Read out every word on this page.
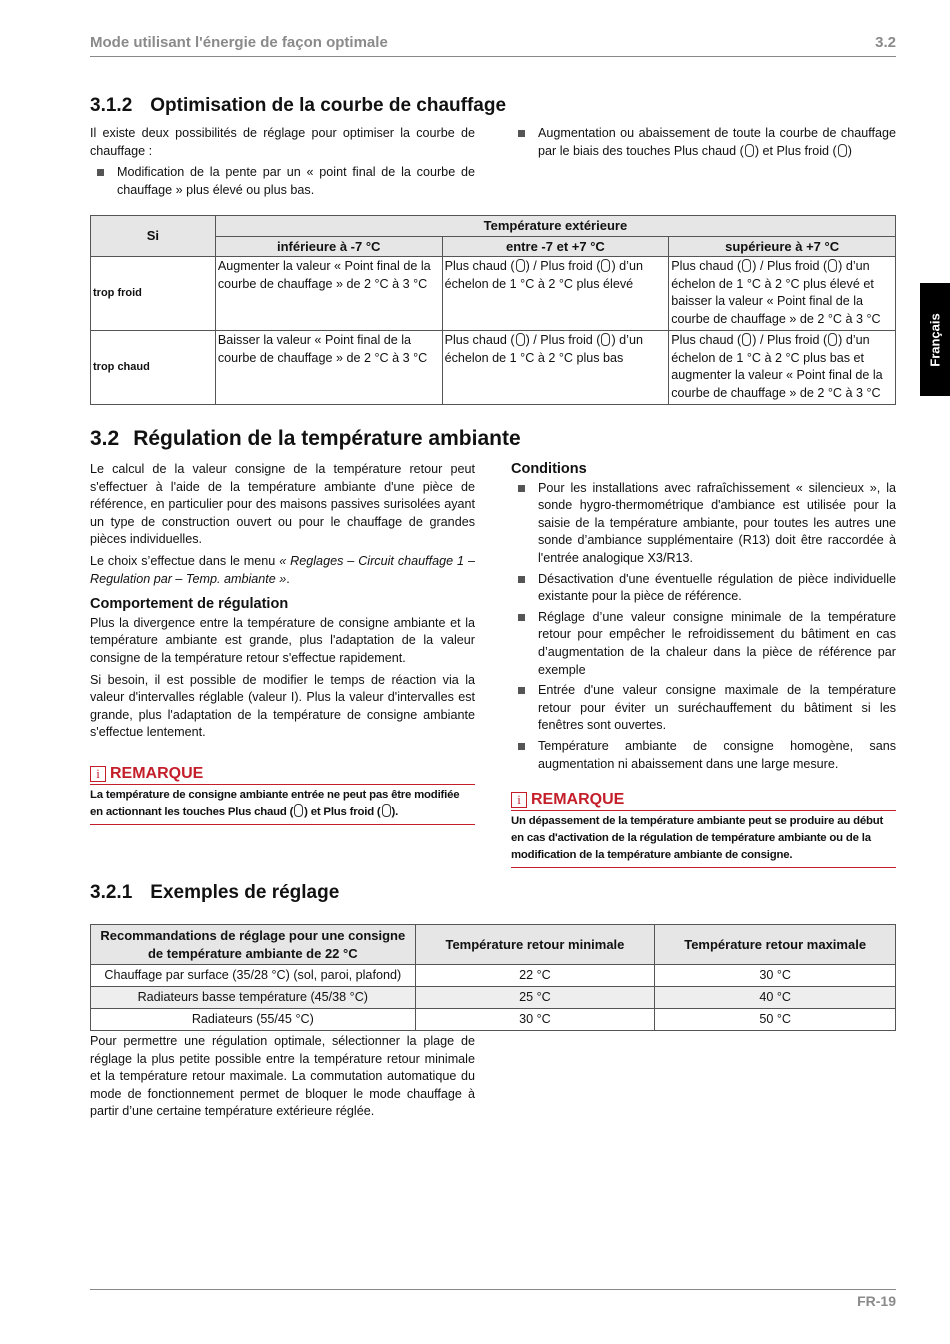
Mode utilisant l'énergie de façon optimale	3.2
Français
3.1.2 Optimisation de la courbe de chauffage

Il existe deux possibilités de réglage pour optimiser la courbe de chauffage :

Modification de la pente par un « point final de la courbe de chauffage » plus élevé ou plus bas.
Augmentation ou abaissement de toute la courbe de chauffage par le biais des touches Plus chaud ( ) et Plus froid ( )
Si	Température extérieure		
	inférieure à -7 °C	entre -7 et +7 °C	supérieure à +7 °C
trop froid	Augmenter la valeur « Point final de la courbe de chauffage » de 2 °C à 3 °C	Plus chaud ( ) / Plus froid ( ) d’un échelon de 1 °C à 2 °C plus élevé	Plus chaud ( ) / Plus froid ( ) d’un échelon de 1 °C à 2 °C plus élevé et baisser la valeur « Point final de la courbe de chauffage » de 2 °C à 3 °C
trop chaud	Baisser la valeur « Point final de la courbe de chauffage » de 2 °C à 3 °C	Plus chaud ( ) / Plus froid ( ) d’un échelon de 1 °C à 2 °C plus bas	Plus chaud ( ) / Plus froid ( ) d’un échelon de 1 °C à 2 °C plus bas et augmenter la valeur « Point final de la courbe de chauffage » de 2 °C à 3 °C
3.2 Régulation de la température ambiante

Le calcul de la valeur consigne de la température retour peut s'effectuer à l'aide de la température ambiante d'une pièce de référence, en particulier pour des maisons passives surisolées ayant un type de construction ouvert ou pour le chauffage de grandes pièces individuelles.

Le choix s’effectue dans le menu « Reglages – Circuit chauffage 1 – Regulation par – Temp. ambiante ».

Comportement de régulation

Plus la divergence entre la température de consigne ambiante et la température ambiante est grande, plus l'adaptation de la valeur consigne de la température retour s'effectue rapidement.

Si besoin, il est possible de modifier le temps de réaction via la valeur d'intervalles réglable (valeur I). Plus la valeur d'intervalles est grande, plus l'adaptation de la température de consigne ambiante s'effectue lentement.

i REMARQUE
La température de consigne ambiante entrée ne peut pas être modifiée en actionnant les touches Plus chaud ( ) et Plus froid ( ).
Conditions
Pour les installations avec rafraîchissement « silencieux », la sonde hygro-thermométrique d'ambiance est utilisée pour la saisie de la température ambiante, pour toutes les autres une sonde d’ambiance supplémentaire (R13) doit être raccordée à l'entrée analogique X3/R13.
Désactivation d'une éventuelle régulation de pièce individuelle existante pour la pièce de référence.
Réglage d’une valeur consigne minimale de la température retour pour empêcher le refroidissement du bâtiment en cas d’augmentation de la chaleur dans la pièce de référence par exemple
Entrée d'une valeur consigne maximale de la température retour pour éviter un suréchauffement du bâtiment si les fenêtres sont ouvertes.
Température ambiante de consigne homogène, sans augmentation ni abaissement dans une large mesure.
i REMARQUE
Un dépassement de la température ambiante peut se produire au début en cas d'activation de la régulation de température ambiante ou de la modification de la température ambiante de consigne.
3.2.1 Exemples de réglage
Recommandations de réglage pour une consigne de température ambiante de 22 °C	Température retour minimale	Température retour maximale
Chauffage par surface (35/28 °C) (sol, paroi, plafond)	22 °C	30 °C
Radiateurs basse température (45/38 °C)	25 °C	40 °C
Radiateurs (55/45 °C)	30 °C	50 °C

Pour permettre une régulation optimale, sélectionner la plage de réglage la plus petite possible entre la température retour minimale et la température retour maximale. La commutation automatique du mode de fonctionnement permet de bloquer le mode chauffage à partir d’une certaine température extérieure réglée.

FR-19
